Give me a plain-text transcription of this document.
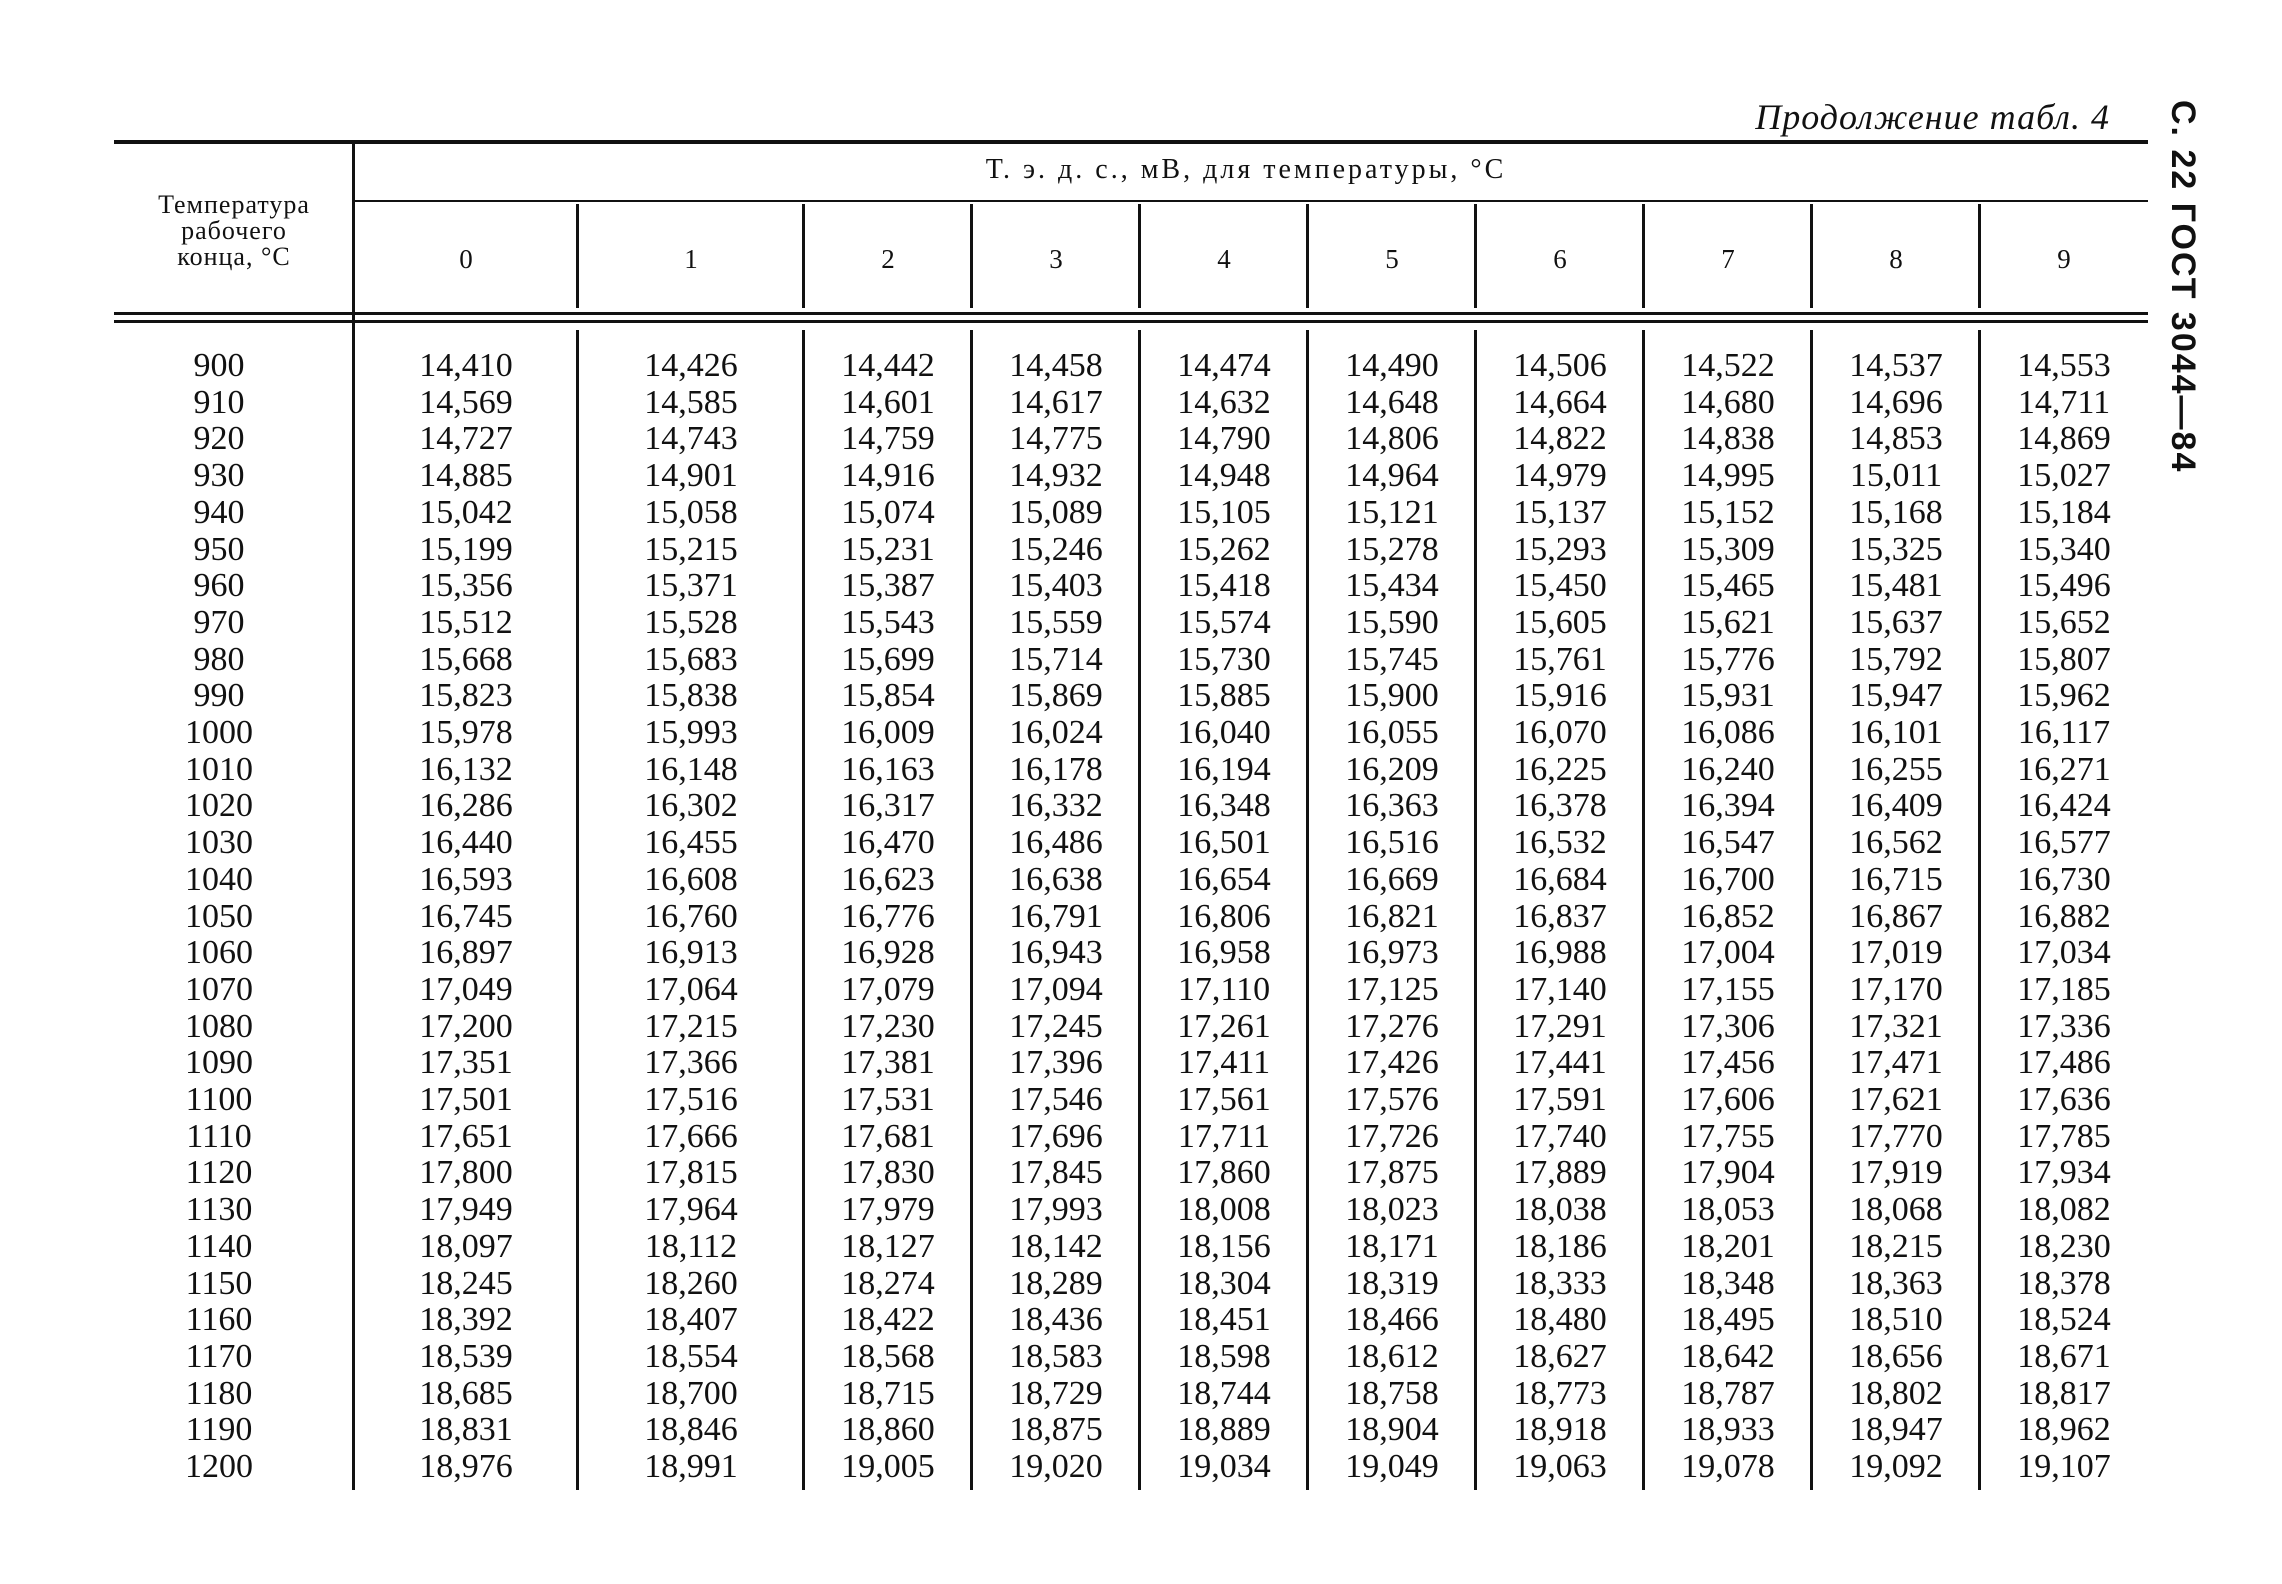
Продолжение табл. 4 С. 22 ГОСТ 3044—84
Температура
рабочего
конца, °С
Т. э. д. с., мВ, для температуры, °С
0	1	2	3	4	5	6	7	8	9
900	14,410	14,426	14,442	14,458	14,474	14,490	14,506	14,522	14,537	14,553
910	14,569	14,585	14,601	14,617	14,632	14,648	14,664	14,680	14,696	14,711
920	14,727	14,743	14,759	14,775	14,790	14,806	14,822	14,838	14,853	14,869
930	14,885	14,901	14,916	14,932	14,948	14,964	14,979	14,995	15,011	15,027
940	15,042	15,058	15,074	15,089	15,105	15,121	15,137	15,152	15,168	15,184
950	15,199	15,215	15,231	15,246	15,262	15,278	15,293	15,309	15,325	15,340
960	15,356	15,371	15,387	15,403	15,418	15,434	15,450	15,465	15,481	15,496
970	15,512	15,528	15,543	15,559	15,574	15,590	15,605	15,621	15,637	15,652
980	15,668	15,683	15,699	15,714	15,730	15,745	15,761	15,776	15,792	15,807
990	15,823	15,838	15,854	15,869	15,885	15,900	15,916	15,931	15,947	15,962
1000	15,978	15,993	16,009	16,024	16,040	16,055	16,070	16,086	16,101	16,117
1010	16,132	16,148	16,163	16,178	16,194	16,209	16,225	16,240	16,255	16,271
1020	16,286	16,302	16,317	16,332	16,348	16,363	16,378	16,394	16,409	16,424
1030	16,440	16,455	16,470	16,486	16,501	16,516	16,532	16,547	16,562	16,577
1040	16,593	16,608	16,623	16,638	16,654	16,669	16,684	16,700	16,715	16,730
1050	16,745	16,760	16,776	16,791	16,806	16,821	16,837	16,852	16,867	16,882
1060	16,897	16,913	16,928	16,943	16,958	16,973	16,988	17,004	17,019	17,034
1070	17,049	17,064	17,079	17,094	17,110	17,125	17,140	17,155	17,170	17,185
1080	17,200	17,215	17,230	17,245	17,261	17,276	17,291	17,306	17,321	17,336
1090	17,351	17,366	17,381	17,396	17,411	17,426	17,441	17,456	17,471	17,486
1100	17,501	17,516	17,531	17,546	17,561	17,576	17,591	17,606	17,621	17,636
1110	17,651	17,666	17,681	17,696	17,711	17,726	17,740	17,755	17,770	17,785
1120	17,800	17,815	17,830	17,845	17,860	17,875	17,889	17,904	17,919	17,934
1130	17,949	17,964	17,979	17,993	18,008	18,023	18,038	18,053	18,068	18,082
1140	18,097	18,112	18,127	18,142	18,156	18,171	18,186	18,201	18,215	18,230
1150	18,245	18,260	18,274	18,289	18,304	18,319	18,333	18,348	18,363	18,378
1160	18,392	18,407	18,422	18,436	18,451	18,466	18,480	18,495	18,510	18,524
1170	18,539	18,554	18,568	18,583	18,598	18,612	18,627	18,642	18,656	18,671
1180	18,685	18,700	18,715	18,729	18,744	18,758	18,773	18,787	18,802	18,817
1190	18,831	18,846	18,860	18,875	18,889	18,904	18,918	18,933	18,947	18,962
1200	18,976	18,991	19,005	19,020	19,034	19,049	19,063	19,078	19,092	19,107
